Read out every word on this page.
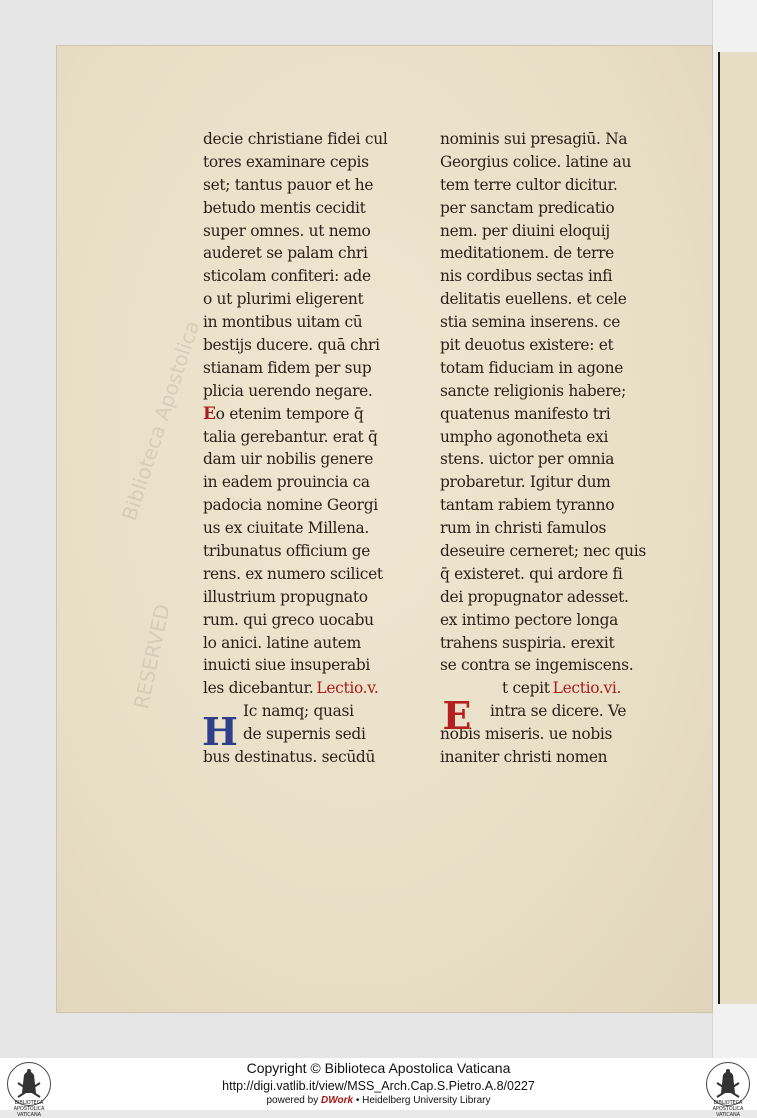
Biblioteca Apostolica
RESERVED
decie christiane fidei cul
tores examinare cepis
set; tantus pauor et he
betudo mentis cecidit
super omnes. ut nemo
auderet se palam chri
sticolam confiteri: ade
o ut plurimi eligerent
in montibus uitam cū
bestijs ducere. quā chri
stianam fidem per sup
plicia uerendo negare.
Eo etenim tempore q̄
talia gerebantur. erat q̄
dam uir nobilis genere
in eadem prouincia ca
padocia nomine Georgi
us ex ciuitate Millena.
tribunatus officium ge
rens. ex numero scilicet
illustrium propugnato
rum. qui greco uocabu
lo anici. latine autem
inuicti siue insuperabi
les dicebantur. Lectio.v.
Ic namq; quasi
de supernis sedi
bus destinatus. secūdū
nominis sui presagiū. Na
Georgius colice. latine au
tem terre cultor dicitur.
per sanctam predicatio
nem. per diuini eloquij
meditationem. de terre
nis cordibus sectas infi
delitatis euellens. et cele
stia semina inserens. ce
pit deuotus existere: et
totam fiduciam in agone
sancte religionis habere;
quatenus manifesto tri
umpho agonotheta exi
stens. uictor per omnia
probaretur. Igitur dum
tantam rabiem tyranno
rum in christi famulos
deseuire cerneret; nec quis
q̄ existeret. qui ardore fi
dei propugnator adesset.
ex intimo pectore longa
trahens suspiria. erexit
se contra se ingemiscens.
t cepit Lectio.vi.
intra se dicere. Ve
nobis miseris. ue nobis
inaniter christi nomen
H	E
Copyright © Biblioteca Apostolica Vaticana
http://digi.vatlib.it/view/MSS_Arch.Cap.S.Pietro.A.8/0227
powered by DWork • Heidelberg University Library
BIBLIOTECA APOSTOLICA VATICANA
BIBLIOTECA APOSTOLICA VATICANA
